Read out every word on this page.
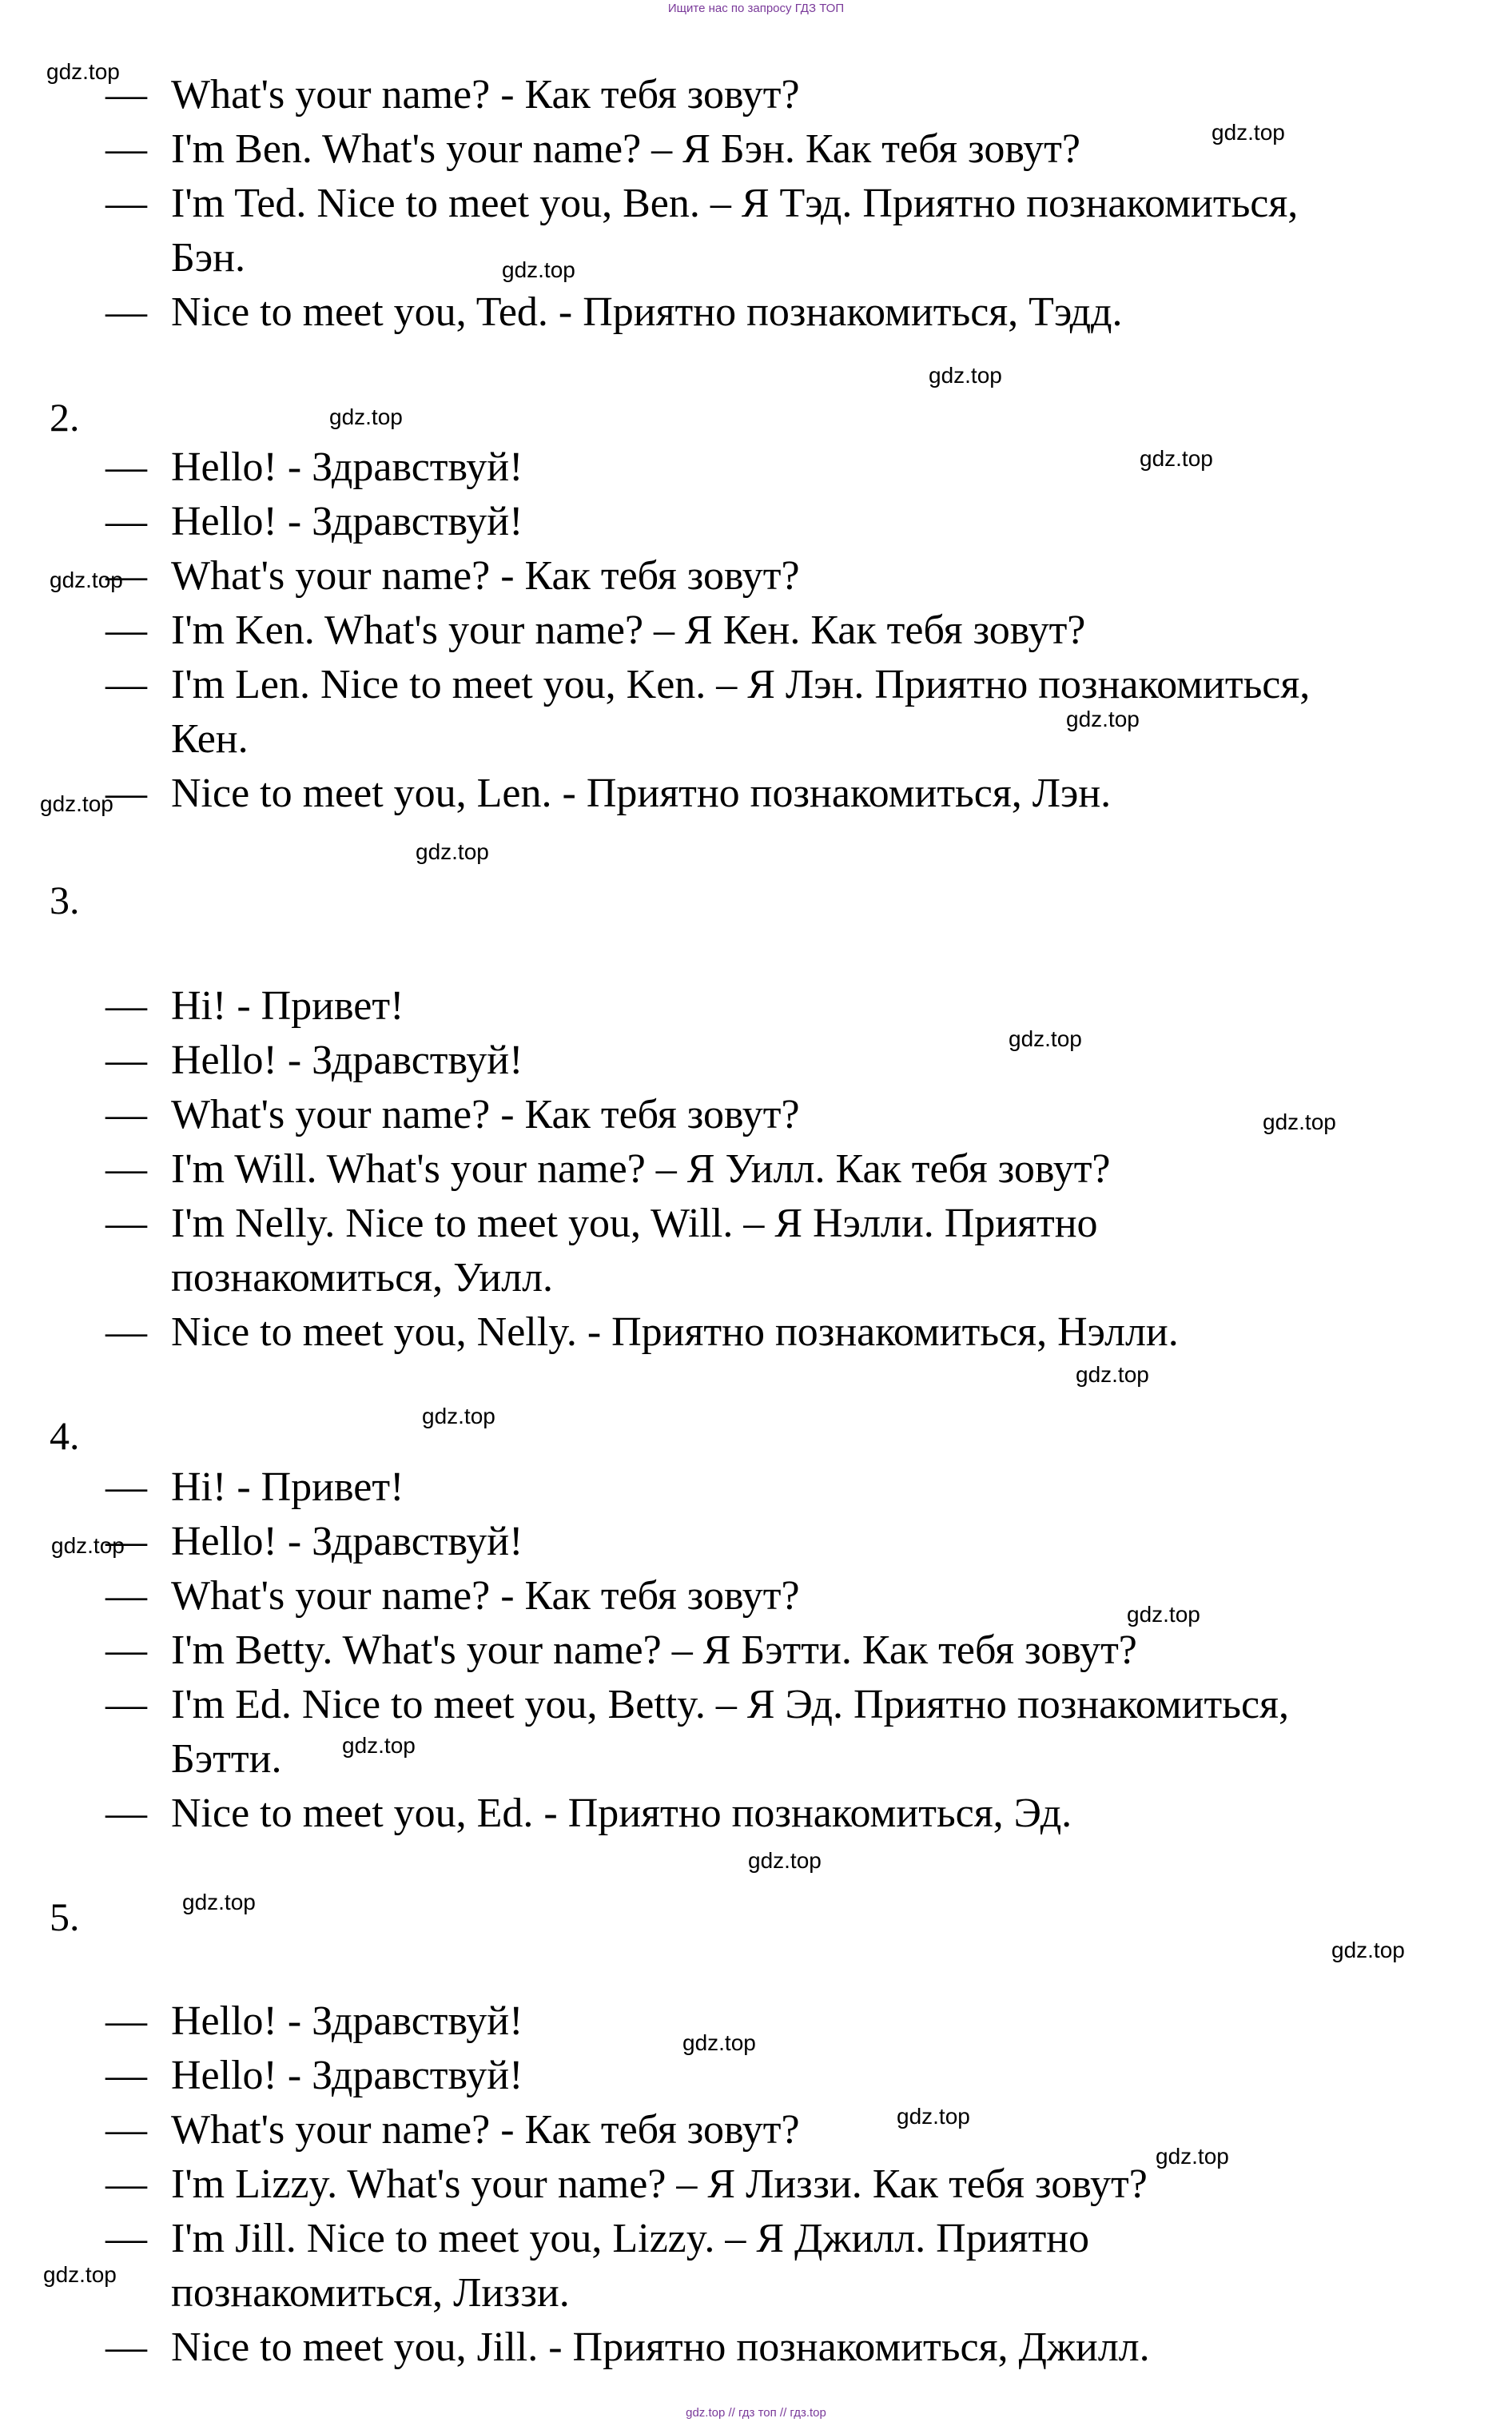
Ищите нас по запросу ГДЗ ТОП
— What's your name? - Как тебя зовут?
— I'm Ben. What's your name? – Я Бэн. Как тебя зовут?
— I'm Ted. Nice to meet you, Ben. – Я Тэд. Приятно познакомиться,
Бэн.
— Nice to meet you, Ted. - Приятно познакомиться, Тэдд.
2.
— Hello! - Здравствуй!
— Hello! - Здравствуй!
— What's your name? - Как тебя зовут?
— I'm Ken. What's your name? – Я Кен. Как тебя зовут?
— I'm Len. Nice to meet you, Ken. – Я Лэн. Приятно познакомиться,
Кен.
— Nice to meet you, Len. - Приятно познакомиться, Лэн.
3.
— Hi! - Привет!
— Hello! - Здравствуй!
— What's your name? - Как тебя зовут?
— I'm Will. What's your name? – Я Уилл. Как тебя зовут?
— I'm Nelly. Nice to meet you, Will. – Я Нэлли. Приятно
познакомиться, Уилл.
— Nice to meet you, Nelly. - Приятно познакомиться, Нэлли.
4.
— Hi! - Привет!
— Hello! - Здравствуй!
— What's your name? - Как тебя зовут?
— I'm Betty. What's your name? – Я Бэтти. Как тебя зовут?
— I'm Ed. Nice to meet you, Betty. – Я Эд. Приятно познакомиться,
Бэтти.
— Nice to meet you, Ed. - Приятно познакомиться, Эд.
5.
— Hello! - Здравствуй!
— Hello! - Здравствуй!
— What's your name? - Как тебя зовут?
— I'm Lizzy. What's your name? – Я Лиззи. Как тебя зовут?
— I'm Jill. Nice to meet you, Lizzy. – Я Джилл. Приятно
познакомиться, Лиззи.
— Nice to meet you, Jill. - Приятно познакомиться, Джилл.
gdz.top
gdz.top
gdz.top
gdz.top
gdz.top
gdz.top
gdz.top
gdz.top
gdz.top
gdz.top
gdz.top
gdz.top
gdz.top
gdz.top
gdz.top
gdz.top
gdz.top
gdz.top
gdz.top
gdz.top
gdz.top
gdz.top
gdz.top
gdz.top
gdz.top // гдз топ // гдз.top
